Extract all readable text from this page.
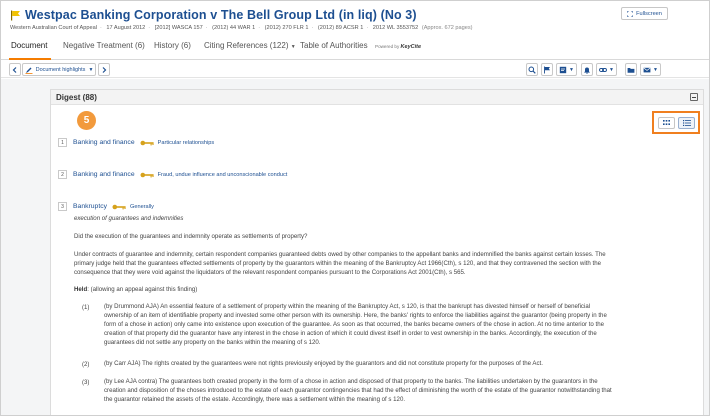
Westpac Banking Corporation v The Bell Group Ltd (in liq) (No 3)
Western Australian Court of Appeal · 17 August 2012 · [2012] WASCA 157 · (2012) 44 WAR 1 · (2012) 270 FLR 1 · (2012) 89 ACSR 1 · 2012 WL 3553752 (Approx. 672 pages)
Fullscreen
Document Negative Treatment (6) History (6) Citing References (122) ▼ Table of Authorities Powered by KeyCite
Document highlights ▼	▼	▼	▼
Digest (88)
5
1	Banking and finance	Particular relationships
2	Banking and finance	Fraud, undue influence and unconscionable conduct
3	Bankruptcy	Generally
execution of guarantees and indemnities
Did the execution of the guarantees and indemnity operate as settlements of property?
Under contracts of guarantee and indemnity, certain respondent companies guaranteed debts owed by other companies to the appellant banks and indemnified the banks against certain losses. The
primary judge held that the guarantees effected settlements of property by the guarantors within the meaning of the Bankruptcy Act 1966(Cth), s 120, and that they contravened the section with the
consequence that they were void against the liquidators of the relevant respondent companies pursuant to the Corporations Act 2001(Cth), s 565.
Held: (allowing an appeal against this finding)
(1) (by Drummond AJA) An essential feature of a settlement of property within the meaning of the Bankruptcy Act, s 120, is that the bankrupt has divested himself or herself of beneficial
ownership of an item of identifiable property and invested some other person with its ownership. Here, the banks' rights to enforce the liabilities against the guarantor (being property in the
form of a chose in action) only came into existence upon execution of the guarantee. As soon as that occurred, the banks became owners of the chose in action. At no time anterior to the
creation of that property did the guarantor have any interest in the chose in action of which it could divest itself in order to vest ownership in the banks. Accordingly, the execution of the
guarantees did not settle any property on the banks within the meaning of s 120.
(2) (by Carr AJA) The rights created by the guarantees were not rights previously enjoyed by the guarantors and did not constitute property for the purposes of the Act.
(3) (by Lee AJA contra) The guarantees both created property in the form of a chose in action and disposed of that property to the banks. The liabilities undertaken by the guarantors in the
creation and disposition of the choses introduced to the estate of each guarantor contingencies that had the effect of diminishing the worth of the estate of the guarantor notwithstanding that
the guarantor retained the assets of the estate. Accordingly, there was a settlement within the meaning of s 120.
